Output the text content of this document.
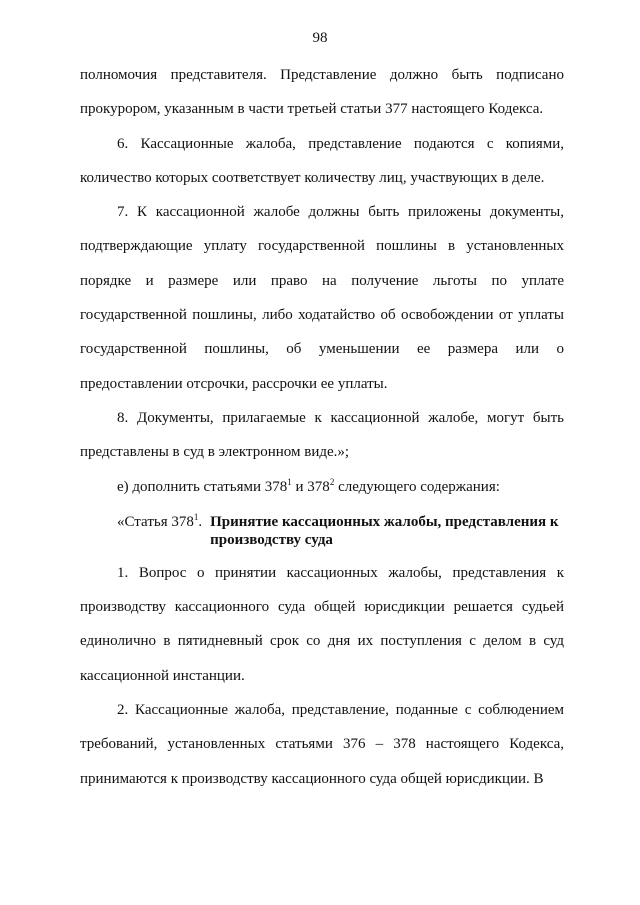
98

полномочия представителя. Представление должно быть подписано прокурором, указанным в части третьей статьи 377 настоящего Кодекса.

6. Кассационные жалоба, представление подаются с копиями, количество которых соответствует количеству лиц, участвующих в деле.

7. К кассационной жалобе должны быть приложены документы, подтверждающие уплату государственной пошлины в установленных порядке и размере или право на получение льготы по уплате государственной пошлины, либо ходатайство об освобождении от уплаты государственной пошлины, об уменьшении ее размера или о предоставлении отсрочки, рассрочки ее уплаты.

8. Документы, прилагаемые к кассационной жалобе, могут быть представлены в суд в электронном виде.»;

е) дополнить статьями $378^1$ и $378^2$ следующего содержания:

«Статья $378^1$. Принятие кассационных жалобы, представления к производству суда

1. Вопрос о принятии кассационных жалобы, представления к производству кассационного суда общей юрисдикции решается судьей единолично в пятидневный срок со дня их поступления с делом в суд кассационной инстанции.

2. Кассационные жалоба, представление, поданные с соблюдением требований, установленных статьями 376 – 378 настоящего Кодекса, принимаются к производству кассационного суда общей юрисдикции. В
